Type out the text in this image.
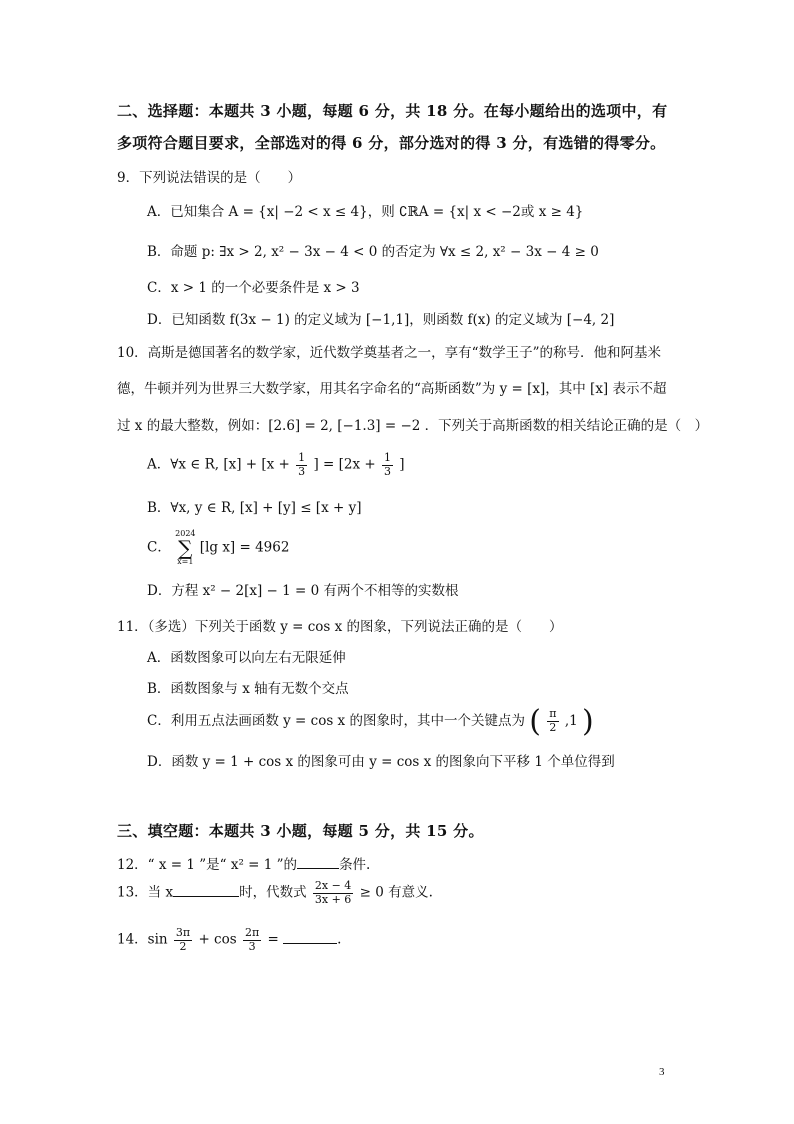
二、选择题：本题共 3 小题，每题 6 分，共 18 分。在每小题给出的选项中，有
多项符合题目要求，全部选对的得 6 分，部分选对的得 3 分，有选错的得零分。
9．下列说法错误的是（　　）
A．已知集合 A = {x| −2 < x ≤ 4}，则 ∁ℝA = {x| x < −2或 x ≥ 4}
B．命题 p: ∃x > 2, x² − 3x − 4 < 0 的否定为 ∀x ≤ 2, x² − 3x − 4 ≥ 0
C．x > 1 的一个必要条件是 x > 3
D．已知函数 f(3x − 1) 的定义域为 [−1,1]，则函数 f(x) 的定义域为 [−4, 2]
10．高斯是德国著名的数学家，近代数学奠基者之一，享有“数学王子”的称号．他和阿基米
德，牛顿并列为世界三大数学家，用其名字命名的“高斯函数”为 y = [x]，其中 [x] 表示不超
过 x 的最大整数，例如：[2.6] = 2, [−1.3] = −2 ．下列关于高斯函数的相关结论正确的是（　）
A．∀x ∈ R, $[x] + [x + \frac{1}{3}$ ] = [$2x + \frac{1}{3}$ ]
B．∀x, y ∈ R, [x] + [y] ≤ [x + y]
C．
2024
∑
x=1
[lg x] = 4962
D．方程 x² − 2[x] − 1 = 0 有两个不相等的实数根
11．（多选）下列关于函数 y = cos x 的图象，下列说法正确的是（　　）
A．函数图象可以向左右无限延伸
B．函数图象与 x 轴有无数个交点
C．利用五点法画函数 y = cos x 的图象时，其中一个关键点为 ( $\frac{\pi}{2} ,1$ )
D．函数 y = 1 + cos x 的图象可由 y = cos x 的图象向下平移 1 个单位得到
三、填空题：本题共 3 小题，每题 5 分，共 15 分。
12．“ x = 1 ”是“ x² = 1 ”的	条件.
13．当 x	时，代数式 $\frac{2x - 4}{3x + 6} \ge 0$ 有意义.
14．$\sin \frac{3\pi}{2} + \cos \frac{2\pi}{3}$ =	.
3
